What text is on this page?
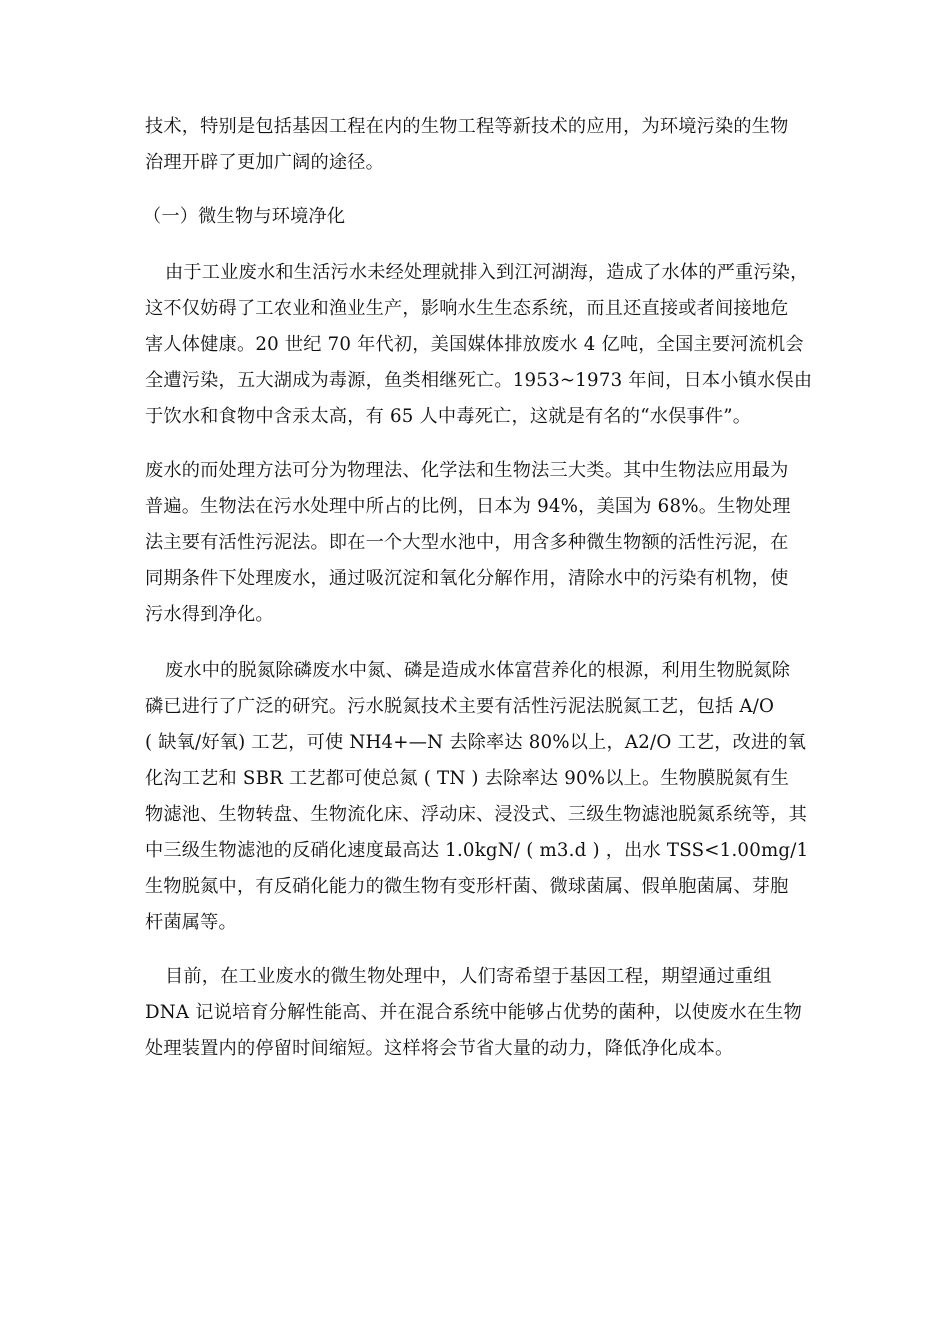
技术，特别是包括基因工程在内的生物工程等新技术的应用，为环境污染的生物
治理开辟了更加广阔的途径。
（一）微生物与环境净化
由于工业废水和生活污水未经处理就排入到江河湖海，造成了水体的严重污染，
这不仅妨碍了工农业和渔业生产，影响水生生态系统，而且还直接或者间接地危
害人体健康。20 世纪 70 年代初，美国媒体排放废水 4 亿吨，全国主要河流机会
全遭污染，五大湖成为毒源，鱼类相继死亡。1953~1973 年间，日本小镇水俣由
于饮水和食物中含汞太高，有 65 人中毒死亡，这就是有名的“水俣事件”。
废水的而处理方法可分为物理法、化学法和生物法三大类。其中生物法应用最为
普遍。生物法在污水处理中所占的比例，日本为 94%，美国为 68%。生物处理
法主要有活性污泥法。即在一个大型水池中，用含多种微生物额的活性污泥，在
同期条件下处理废水，通过吸沉淀和氧化分解作用，清除水中的污染有机物，使
污水得到净化。
废水中的脱氮除磷废水中氮、磷是造成水体富营养化的根源，利用生物脱氮除
磷已进行了广泛的研究。污水脱氮技术主要有活性污泥法脱氮工艺，包括 A/O
( 缺氧/好氧) 工艺，可使 NH4+—N 去除率达 80%以上，A2/O 工艺，改进的氧
化沟工艺和 SBR 工艺都可使总氮 ( TN ) 去除率达 90%以上。生物膜脱氮有生
物滤池、生物转盘、生物流化床、浮动床、浸没式、三级生物滤池脱氮系统等，其
中三级生物滤池的反硝化速度最高达 1.0kgN/ ( m3.d ) ，出水 TSS<1.00mg/1
生物脱氮中，有反硝化能力的微生物有变形杆菌、微球菌属、假单胞菌属、芽胞
杆菌属等。
目前，在工业废水的微生物处理中，人们寄希望于基因工程，期望通过重组
DNA 记说培育分解性能高、并在混合系统中能够占优势的菌种，以使废水在生物
处理装置内的停留时间缩短。这样将会节省大量的动力，降低净化成本。
